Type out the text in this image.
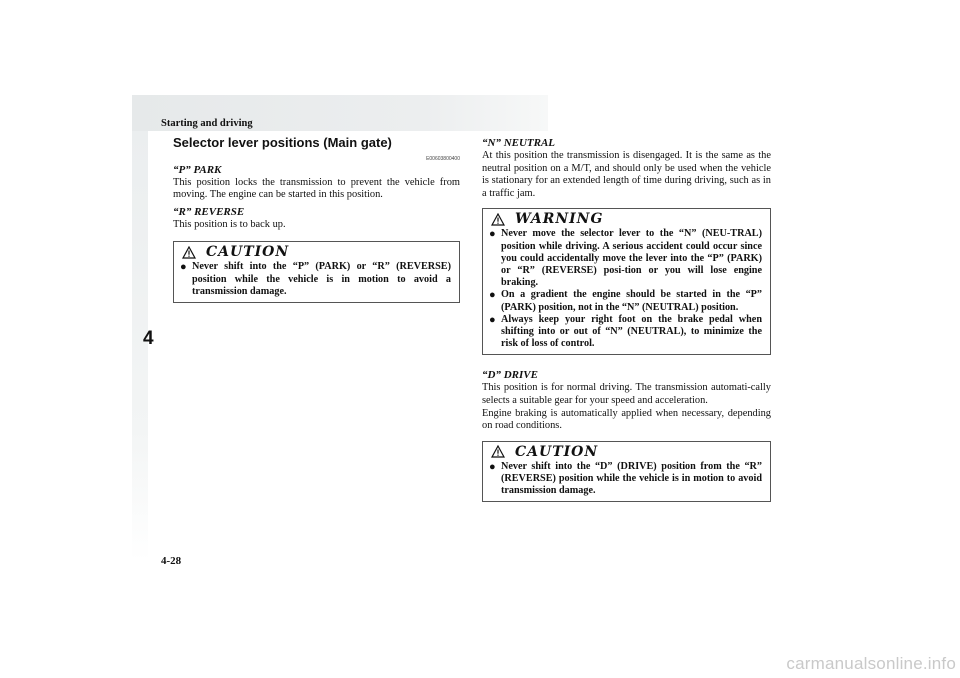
Starting and driving
4
Selector lever positions (Main gate)
E00603800400

“P” PARK

This position locks the transmission to prevent the vehicle from moving. The engine can be started in this position.

“R” REVERSE

This position is to back up.

CAUTION
● Never shift into the “P” (PARK) or “R” (REVERSE) position while the vehicle is in motion to avoid a transmission damage.

“N” NEUTRAL

At this position the transmission is disengaged. It is the same as the neutral position on a M/T, and should only be used when the vehicle is stationary for an extended length of time during driving, such as in a traffic jam.

WARNING
● Never move the selector lever to the “N” (NEU-TRAL) position while driving. A serious accident could occur since you could accidentally move the lever into the “P” (PARK) or “R” (REVERSE) posi-tion or you will lose engine braking.
● On a gradient the engine should be started in the “P” (PARK) position, not in the “N” (NEUTRAL) position.
● Always keep your right foot on the brake pedal when shifting into or out of “N” (NEUTRAL), to minimize the risk of loss of control.

“D” DRIVE

This position is for normal driving. The transmission automati-cally selects a suitable gear for your speed and acceleration.

Engine braking is automatically applied when necessary, depending on road conditions.

CAUTION
● Never shift into the “D” (DRIVE) position from the “R” (REVERSE) position while the vehicle is in motion to avoid transmission damage.
4-28
carmanualsonline.info
